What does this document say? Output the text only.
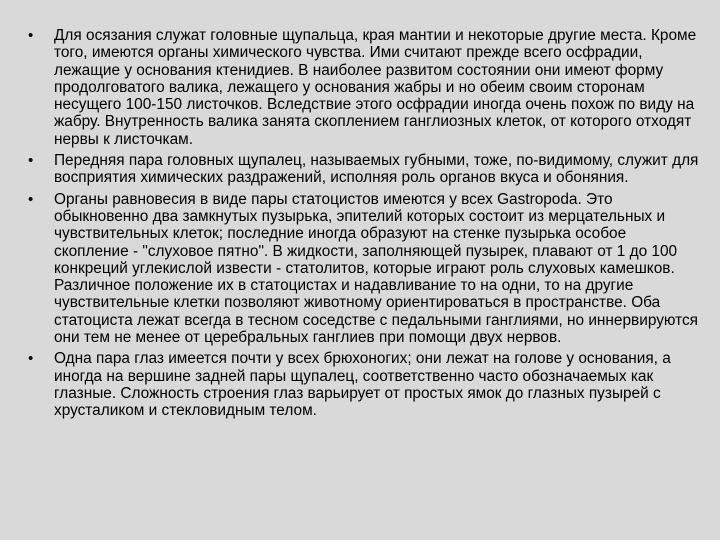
•	Для осязания служат головные щупальца, края мантии и некоторые другие места. Кроме того, имеются органы химического чувства. Ими считают прежде всего осфрадии, лежащие у основания ктенидиев. В наиболее развитом состоянии они имеют форму продолговатого валика, лежащего у основания жабры и но обеим своим сторонам несущего 100-150 листочков. Вследствие этого осфрадии иногда очень похож по виду на жабру. Внутренность валика занята скоплением ганглиозных клеток, от которого отходят нервы к листочкам.
•	Передняя пара головных щупалец, называемых губными, тоже, по-видимому, служит для восприятия химических раздражений, исполняя роль органов вкуса и обоняния.
•	Органы равновесия в виде пары статоцистов имеются у всех Gastropoda. Это обыкновенно два замкнутых пузырька, эпителий которых состоит из мерцательных и чувствительных клеток; последние иногда образуют на стенке пузырька особое скопление - "слуховое пятно". В жидкости, заполняющей пузырек, плавают от 1 до 100 конкреций углекислой извести - статолитов, которые играют роль слуховых камешков. Различное положение их в статоцистах и надавливание то на одни, то на другие чувствительные клетки позволяют животному ориентироваться в пространстве. Оба статоциста лежат всегда в тесном соседстве с педальными ганглиями, но иннервируются они тем не менее от церебральных ганглиев при помощи двух нервов.
•	Одна пара глаз имеется почти у всех брюхоногих; они лежат на голове у основания, а иногда на вершине задней пары щупалец, соответственно часто обозначаемых как глазные. Сложность строения глаз варьирует от простых ямок до глазных пузырей с хрусталиком и стекловидным телом.
